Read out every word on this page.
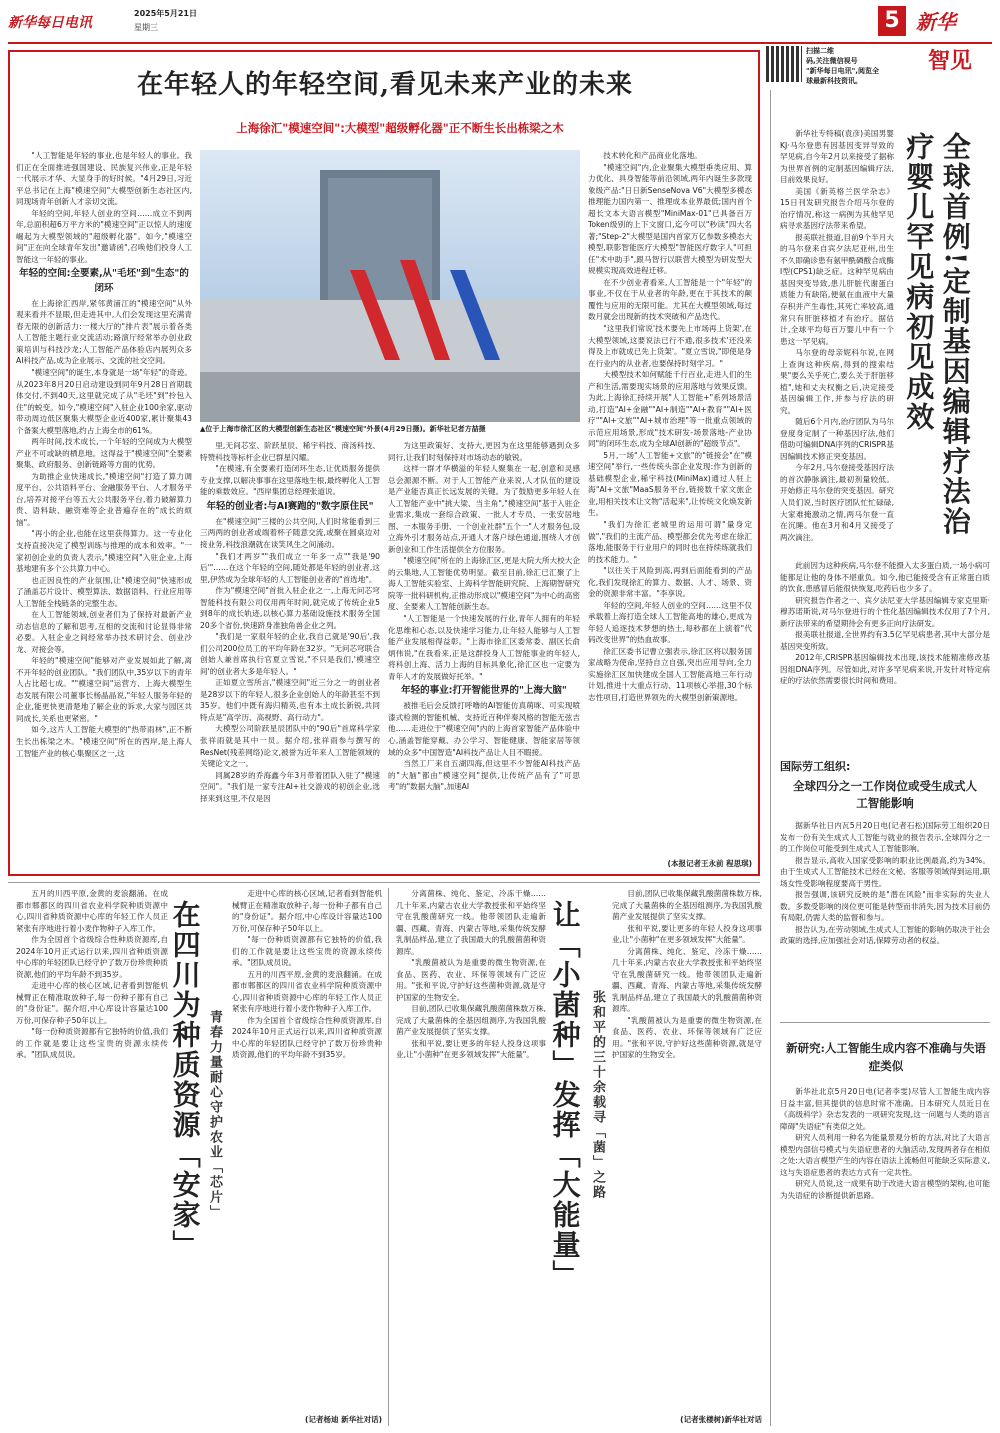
新华每日电讯
2025年5月21日
星期三	5 新华
智见
扫描二维
码,关注微信视号
"新华每日电讯",阅览全
球最新科技资讯。
在年轻人的年轻空间,看见未来产业的未来
上海徐汇"模速空间":大模型"超级孵化器"正不断生长出栋梁之木
▲位于上海市徐汇区的大模型创新生态社区"模速空间"外景(4月29日摄)。新华社记者方喆摄

"人工智能是年轻的事业,也是年轻人的事业。我们正在全面推进强国建设、民族复兴伟业,正是年轻一代展示才华、大显身手的好时候。"4月29日,习近平总书记在上海"模速空间"大模型创新生态社区内,同现场青年创新人才亲切交流。

年轻的空间,年轻人创业的空间……成立不到两年,总面积超6万平方米的"模速空间"正以惊人的速度崛起为大模型领域的"超级孵化器"。如今,"模速空间"正在向全球青年发出"邀请函",召唤他们投身人工智能这一年轻的事业。

年轻的空间:全要素,从"毛坯"到"生态"的闭环

在上海徐汇西岸,紧邻黄浦江的"模速空间"从外观来看并不显眼,但走进其中,人们会发现这里充满青春无限的创新活力:一楼大厅的"排片表"展示着各类人工智能主题行业交流活动;路演厅经常举办创业政策培训与科技沙龙;人工智能产品体验店内展列众多AI科技产品,成为企业展示、交流的社交空间。

"模速空间"的诞生,本身就是一场"年轻"的奇迹。从2023年8月20日启动建设到同年9月28日首期载体交付,不到40天,这里就完成了从"毛坯"到"拎包入住"的蜕变。如今,"模速空间"入驻企业100余家,驱动带动周边低区聚集大模型企业近400家,累计聚集43个备案大模型落地,约占上海全市的61%。

两年时间,技术成长,一个年轻的空间成为大模型产业不可或缺的栖息地。这得益于"模速空间"全要素聚集、政府服务、创新链路等方面的优势。

为助推企业快速成长,"模速空间"打造了算力调度平台、公共语料平台、金融服务平台、人才服务平台,培养对接平台等五大公共服务平台,着力破解算力贵、语料缺、融资难等企业普遍存在的"成长的烦恼"。

"再小的企业,也能在这里获得算力。这一专业化支持直接决定了模型训练与推理的成本和效率。"一家初创企业的负责人表示,"模速空间"入驻企业,上海基地建有多个公共算力中心。

也正因良性的产业氛围,让"模速空间"快速形成了涵盖芯片设计、模型算法、数据语料、行业应用等人工智能全栈链条的完整生态。

在人工智能领域,创业者们为了保持对最新产业动态信息的了解和思考,互相的交流和讨论显得非常必要。入驻企业之间经常举办技术研讨会、创业沙龙、对接会等。

年轻的"模速空间"能够对产业发展如此了解,离不开年轻的创业团队。"我们团队中,35岁以下的青年人占比超七成。""模速空间"运营方、上海大模型生态发展有限公司董事长杨晶晶说,"年轻人服务年轻的企业,能更快更清楚地了解企业的诉求,大家与园区共同成长,关系也更紧密。"

如今,这片人工智能大模型的"热带雨林",正不断生长出栋梁之木。"模速空间"所在的西岸,是上海人工智能产业的核心集聚区之一,这

里,无间芯室、阶跃星辰、稀宇科技、商汤科技、特赞科技等标杆企业已群星闪耀。

"在模速,有全要素打造闭环生态,让优质服务提供专业支撑,以解决事事在这里落地生根,最终孵化人工智能的乘数效应。"西岸集团总经理张道说。

年轻的创业者:与AI赛跑的"数字原住民"

在"模速空间"三楼的公共空间,人们时常能看到三三两两的创业者或端着杯子随意交流,或聚在圆桌边对接业务,科技浪潮就在谈笑风生之间涌动。

"我们才两岁""我们成立一年多一点""我是'90后'"……在这个年轻的空间,随处都是年轻的创业者,这里,伊然成为全球年轻的人工智能创业者的"首选地"。

作为"模速空间"首批入驻企业之一,上海无问芯穹智能科技有限公司仅用两年时间,就完成了传统企业5到8年的成长轨迹,以核心算力基础设施技术服务全国20多个省份,快速跻身准独角兽企业之列。

"我们是一家很年轻的企业,我自己就是'90后',我们公司200位员工的平均年龄在32岁。"无问芯穹联合创始人兼首席执行官夏立雪说,"不只是我们,'模速空间'的创业者大多是年轻人。"

正如夏立雪所言,"模速空间"近三分之一的创业者是28岁以下的年轻人,很多企业创始人的年龄甚至不到35岁。他们中既有海归精英,也有本土成长新锐,共同特点是"高学历、高视野、高行动力"。

大模型公司阶跃星辰团队中的"90后"首席科学家张祥雨就是其中一员。据介绍,张祥雨参与撰写的ResNet(残差网络)论文,被誉为近年来人工智能领域的关键论文之一。

同属28岁的乔海鑫今年3月带着团队入驻了"模速空间"。"我们是一家专注AI+社交游戏的初创企业,选择来到这里,不仅是因

为这里政策好、支持大,更因为在这里能够遇到众多同行,让我们时刻保持对市场动态的敏锐。

这样一群才华横溢的年轻人聚集在一起,创意和灵感总会源源不断。对于人工智能产业来说,人才队伍的建设是产业能否真正长远发展的关键。为了鼓励更多年轻人在人工智能产业中"挑大梁、当主角","模速空间"基于入驻企业需求,集成一套综合政策、一批人才专员、一张安居地图、一本服务手册、一个创业社群"五个一"人才服务包,设立海外引才服务站点,开通人才落户绿色通道,围绕人才创新创业和工作生活提供全方位服务。

"模速空间"所在的上海徐汇区,更是大院大所大校大企的云集地,人工智能优势明显。截至目前,徐汇已汇聚了上海人工智能实验室、上海科学智能研究院、上海期智研究院等一批科研机构,正推动形成以"模速空间"为中心的高密度、全要素人工智能创新生态。

"人工智能是一个快速发展的行业,青年人拥有的年轻化思维和心态,以及快速学习能力,让年轻人能够与人工智能产业发展相得益彰。"上海市徐汇区委常委、副区长俞炳伟说,"在我看来,正是这群投身人工智能事业的年轻人,将科创上海、活力上海的目标具象化,徐汇区也一定要为青年人才的发展做好托举。"

年轻的事业:打开智能世界的"上海大脑"

被推毛后会反馈打呼噜的AI智能仿真萌咪、可实现喷漆式检测的智能机械、支持近百种伴奏风格的智能无弦吉他……走进位于"模速空间"内的上海首家智能产品体验中心,涵盖智能穿戴、办公学习、智能健康、智能家居等领域的众多"中国智造"AI科技产品让人目不暇接。

当然工厂来自五湖四海,但这里不少智能AI科技产品的"大脑"都由"模速空间"提供,让传统产品有了"可思考"的"数据大脑",加速AI

技术转化和产品商业化落地。

"模速空间"内,企业聚集大模型垂类应用、算力优化、具身智能等前沿领域,两年内诞生多款现象级产品:"日日新SenseNova V6"大模型多模态推理能力国内第一、推理成本业界最低;国内首个超长文本大语言模型"MiniMax-01"已具备百万Token级别的上下文窗口,迄今可以"秒读"四大名著;"Step-2"大模型是国内首家万亿参数多模态大模型,联影智能医疗大模型"智能医疗数字人"可担任"术中助手",跟马智行以联营大模型为研发型大规模实现高效进程迁移。

在不少创业者看来,人工智能是一个"年轻"的事业,不仅在于从业者的年龄,更在于其技术的颠覆性与应用的无限可能。尤其在大模型领域,每过数月就会出现新的技术突破和产品迭代。

"这里我们常说'技术要先上市场再上货架',在大模型领域,这要说法已行不通,很多技术'还没来得及上市就成已先上货架'。"夏立雪说,"即使是身在行业内的从业者,也要保持时刻学习。"

大模型技术如何赋能千行百业,走进人们的生产和生活,需要现实场景的应用落地与效果反馈。为此,上海徐汇持续开展"人工智能+"系列场景活动,打造"AI+金融""AI+制造""AI+教育""AI+医疗""AI+文旅""AI+城市治理"等一批重点领域的示范应用场景,形成"技术研发-场景落地-产业协同"的闭环生态,成为全球AI创新的"超级节点"。

5月,一场"人工智能+文旅"的"链接会"在"模速空间"举行,一些传统头部企业发现:作为创新的基础模型企业,稀宇科技(MiniMax)通过人驻上海"AI+文旅"MaaS服务平台,链接数千家文旅企业,用相关技术让文物"活起来",让传统文化焕发新生。

"我们为徐汇老城里的运用可谓"量身定做","我们的主流产品、模型都会优先考虑在徐汇落地,能服务于行业用户的同时也在持续练就我们的技术能力。"

"以往关于风险到高,再到后面能看到的产品化,我们发现徐汇的算力、数据、人才、场景、资金的资源非常丰富。"李享说。

年轻的空间,年轻人创业的空间……这里不仅承载着上海打造全球人工智能高地的雄心,更成为年轻人追逐技术梦想的热土,每秒都在上演着"代码改变世界"的热血故事。

徐汇区委书记曹立强表示,徐汇区将以服务国家战略为使命,坚持自立自强,突出应用导向,全力实施徐汇区加快建成全国人工智能高地三年行动计划,推进十大重点行动、11项核心举措,30个标志性项目,打造世界领先的大模型创新策源地。

(本报记者王永前 程思琪)
全球首例!定制基因编辑疗法治疗婴儿罕见病初见成效

新华社专特稿(袁彦)美国男婴KJ·马尔登患有因基因变异导致的罕见病,自今年2月以来接受了据称为世界首例的定制基因编辑疗法,目前效果良好。

美国《新英格兰医学杂志》15日刊发研究报告介绍马尔登的治疗情况,称这一病例为其他罕见病寻求基因疗法带来希望。

报美联社报道,目前9个半月大的马尔登来自宾夕法尼亚州,出生不久即确诊患有氨甲酰磷酸合成酶Ⅰ型(CPS1)缺乏症。这种罕见病由基因突变导致,患儿肝脏代谢蛋白质能力有缺陷,便氨在血液中大量存积并产生毒性,其死亡率较高,通常只有肝脏移植才有治疗。据估计,全球平均每百万婴儿中有一个患这一罕见病。

马尔登的母亲妮科尔说,在网上查询这种疾病,得到的搜索结果"要么关乎死亡,要么关于肝脏移植",她和丈夫权衡之后,决定接受基因编辑工作,并参与疗法的研究。

随后6个月内,治疗团队为马尔登度身定制了一种基因疗法,他们借助可编辑DNA序列的CRISPR基因编辑技术修正突变基因。

今年2月,马尔登接受基因疗法的首次静脉滴注,最初剂量较低。开始修正马尔登的突变基因。研究人员们说,当时医疗团队忙忙碌碌,大家难掩激动之情,两马尔登一直在沉睡。他在3月和4月又接受了两次滴注。

此前因为这种疾病,马尔登不能摄入太多蛋白质,一场小病可能都足让他的身体不堪重负。如今,他已能接受含有正常蛋白质的饮食,患感冒后能很快恢复,吃药后也少多了。

研究报告作者之一、宾夕法尼亚大学基因编辑专家克里斯·穆苏诺斯说,对马尔登进行的个性化基因编辑技术仅用了7个月,新疗法带来的希望期待会有更多正向疗法研发。

报美联社报道,全世界约有3.5亿罕见病患者,其中大部分是基因突变所致。

2012年,CRISPR基因编辑技术出现,该技术能精准修改基因组DNA序列。尽管如此,对许多罕见病来说,开发针对特定病症的疗法依然需要很长时间和费用。

国际劳工组织:
全球四分之一工作岗位或受生成式人工智能影响

据新华社日内瓦5月20日电(记者石松)国际劳工组织20日发布一份有关生成式人工智能与就业的报告表示,全球四分之一的工作岗位可能受到生成式人工智能影响。

报告显示,高收入国家受影响的职业比例最高,约为34%。由于生成式人工智能技术已经在文秘、客服等领域得到运用,职场女性受影响程度要高于男性。

报告强调,该研究反映的是"潜在风险"而非实际的失业人数。多数受影响的岗位更可能是转型而非消失,因为技术目前仍有局限,仍需人类的监督和参与。

报告认为,在劳动领域,生成式人工智能的影响仍取决于社会政策的选择,应加强社会对话,保障劳动者的权益。

新研究:人工智能生成内容不准确与失语症类似

新华社北京5月20日电(记者李雯)尽管人工智能生成内容日益丰富,但其提供的信息时常不准确。日本研究人员近日在《高级科学》杂志发表的一项研究发现,这一问题与人类的语言障碍"失语症"有类似之处。

研究人员利用一种名为能量景观分析的方法,对比了大语言模型内部信号模式与失语症患者的大脑活动,发现两者存在相似之处:大语言模型产生的内容在语法上流畅但可能缺乏实际意义,这与失语症患者的表达方式有一定共性。

研究人员说,这一成果有助于改进大语言模型的架构,也可能为失语症的诊断提供新思路。

五月的川西平原,金黄的麦浪翻涌。在成都市郫都区的四川省农业科学院种质资源中心,四川省种质资源中心库的年轻工作人员正紧张有序地进行着小麦作物种子入库工作。

作为全国首个省级综合性种质资源库,自2024年10月正式运行以来,四川省种质资源中心库的年轻团队已经守护了数万份珍贵种质资源,他们的平均年龄不到35岁。

走进中心库的核心区域,记者看到智能机械臂正在精准取放种子,每一份种子都有自己的"身份证"。据介绍,中心库设计容量达100万份,可保存种子50年以上。

"每一份种质资源都有它独特的价值,我们的工作就是要让这些宝贵的资源永续传承。"团队成员说。	在四川为种质资源「安家」 青春力量耐心守护农业「芯片」

走进中心库的核心区域,记者看到智能机械臂正在精准取放种子,每一份种子都有自己的"身份证"。据介绍,中心库设计容量达100万份,可保存种子50年以上。

"每一份种质资源都有它独特的价值,我们的工作就是要让这些宝贵的资源永续传承。"团队成员说。

五月的川西平原,金黄的麦浪翻涌。在成都市郫都区的四川省农业科学院种质资源中心,四川省种质资源中心库的年轻工作人员正紧张有序地进行着小麦作物种子入库工作。

作为全国首个省级综合性种质资源库,自2024年10月正式运行以来,四川省种质资源中心库的年轻团队已经守护了数万份珍贵种质资源,他们的平均年龄不到35岁。

(记者杨迪 新华社对话)

分离菌株、纯化、鉴定、冷冻干燥……几十年来,内蒙古农业大学教授张和平始终坚守在乳酸菌研究一线。他带领团队走遍新疆、西藏、青海、内蒙古等地,采集传统发酵乳制品样品,建立了我国最大的乳酸菌菌种资源库。

"乳酸菌被认为是重要的微生物资源,在食品、医药、农业、环保等领域有广泛应用。"张和平说,守护好这些菌种资源,就是守护国家的生物安全。

目前,团队已收集保藏乳酸菌菌株数万株,完成了大量菌株的全基因组测序,为我国乳酸菌产业发展提供了坚实支撑。

张和平说,要让更多的年轻人投身这项事业,让"小菌种"在更多领域发挥"大能量"。 让「小菌种」发挥「大能量」 张和平的三十余载寻「菌」之路

目前,团队已收集保藏乳酸菌菌株数万株,完成了大量菌株的全基因组测序,为我国乳酸菌产业发展提供了坚实支撑。

张和平说,要让更多的年轻人投身这项事业,让"小菌种"在更多领域发挥"大能量"。

分离菌株、纯化、鉴定、冷冻干燥……几十年来,内蒙古农业大学教授张和平始终坚守在乳酸菌研究一线。他带领团队走遍新疆、西藏、青海、内蒙古等地,采集传统发酵乳制品样品,建立了我国最大的乳酸菌菌种资源库。

"乳酸菌被认为是重要的微生物资源,在食品、医药、农业、环保等领域有广泛应用。"张和平说,守护好这些菌种资源,就是守护国家的生物安全。

(记者张楼树)新华社对话
